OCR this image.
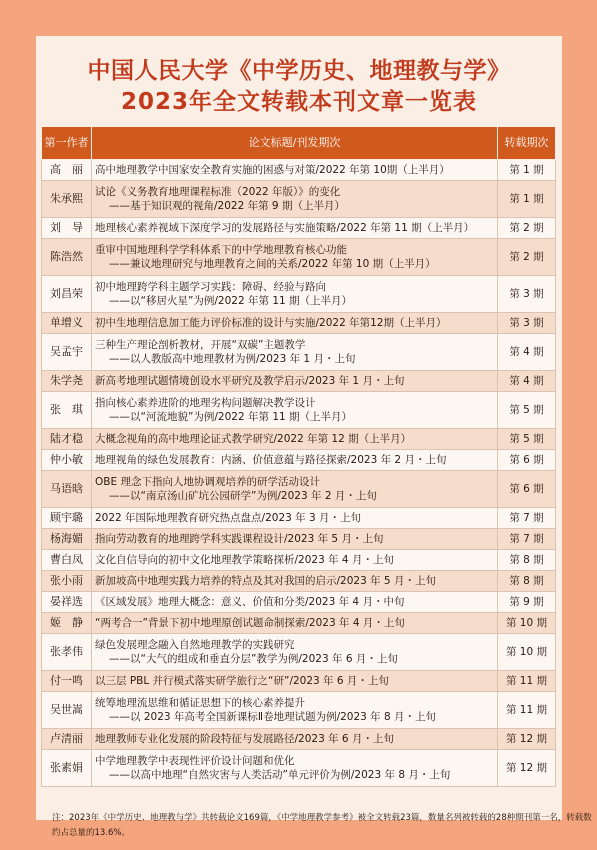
中国人民大学《中学历史、地理教与学》
2023年全文转载本刊文章一览表
第一作者	论文标题/刊发期次	转载期次
高　丽	高中地理教学中国家安全教育实施的困惑与对策/2022 年第 10期（上半月）	第 1 期
朱承熙	试论《义务教育地理课程标准（2022 年版）》的变化
——基于知识观的视角/2022 年第 9 期（上半月）	第 1 期
刘　导	地理核心素养视域下深度学习的发展路径与实施策略/2022 年第 11 期（上半月）	第 2 期
陈浩然	重审中国地理科学学科体系下的中学地理教育核心功能
——兼议地理研究与地理教育之间的关系/2022 年第 10 期（上半月）	第 2 期
刘昌荣	初中地理跨学科主题学习实践：障碍、经验与路向
——以“移居火星”为例/2022 年第 11 期（上半月）	第 3 期
单增义	初中生地理信息加工能力评价标准的设计与实施/2022 年第12期（上半月）	第 3 期
吴孟宇	三种生产理论剖析教材，开展“双碳”主题教学
——以人教版高中地理教材为例/2023 年 1 月・上旬	第 4 期
朱学尧	新高考地理试题情境创设水平研究及教学启示/2023 年 1 月・上旬	第 4 期
张　琪	指向核心素养进阶的地理劣构问题解决教学设计
——以“河流地貌”为例/2022 年第 11 期（上半月）	第 5 期
陆才稳	大概念视角的高中地理论证式教学研究/2022 年第 12 期（上半月）	第 5 期
仲小敏	地理视角的绿色发展教育：内涵、价值意蕴与路径探索/2023 年 2 月・上旬	第 6 期
马语晗	OBE 理念下指向人地协调观培养的研学活动设计
——以“南京汤山矿坑公园研学”为例/2023 年 2 月・上旬	第 6 期
顾宇璐	2022 年国际地理教育研究热点盘点/2023 年 3 月・上旬	第 7 期
杨海媚	指向劳动教育的地理跨学科实践课程设计/2023 年 5 月・上旬	第 7 期
曹白凤	文化自信导向的初中文化地理教学策略探析/2023 年 4 月・上旬	第 8 期
张小雨	新加坡高中地理实践力培养的特点及其对我国的启示/2023 年 5 月・上旬	第 8 期
晏祥选	《区域发展》地理大概念：意义、价值和分类/2023 年 4 月・中旬	第 9 期
姬　静	“两考合一”背景下初中地理原创试题命制探索/2023 年 4 月・上旬	第 10 期
张孝伟	绿色发展理念融入自然地理教学的实践研究
——以“大气的组成和垂直分层”教学为例/2023 年 6 月・上旬	第 10 期
付一鸣	以三层 PBL 并行模式落实研学旅行之“研”/2023 年 6 月・上旬	第 11 期
吴世嵩	统筹地理流思维和循证思想下的核心素养提升
——以 2023 年高考全国新课标Ⅱ卷地理试题为例/2023 年 8 月・上旬	第 11 期
卢清丽	地理教师专业化发展的阶段特征与发展路径/2023 年 6 月・上旬	第 12 期
张素娟	中学地理教学中表现性评价设计问题和优化
——以高中地理“自然灾害与人类活动”单元评价为例/2023 年 8 月・上旬	第 12 期
注：2023年《中学历史、地理教与学》共转载论文169篇，《中学地理教学参考》被全文转载23篇，数量名列被转载的28种期刊第一名，转载数约占总量的13.6%。
